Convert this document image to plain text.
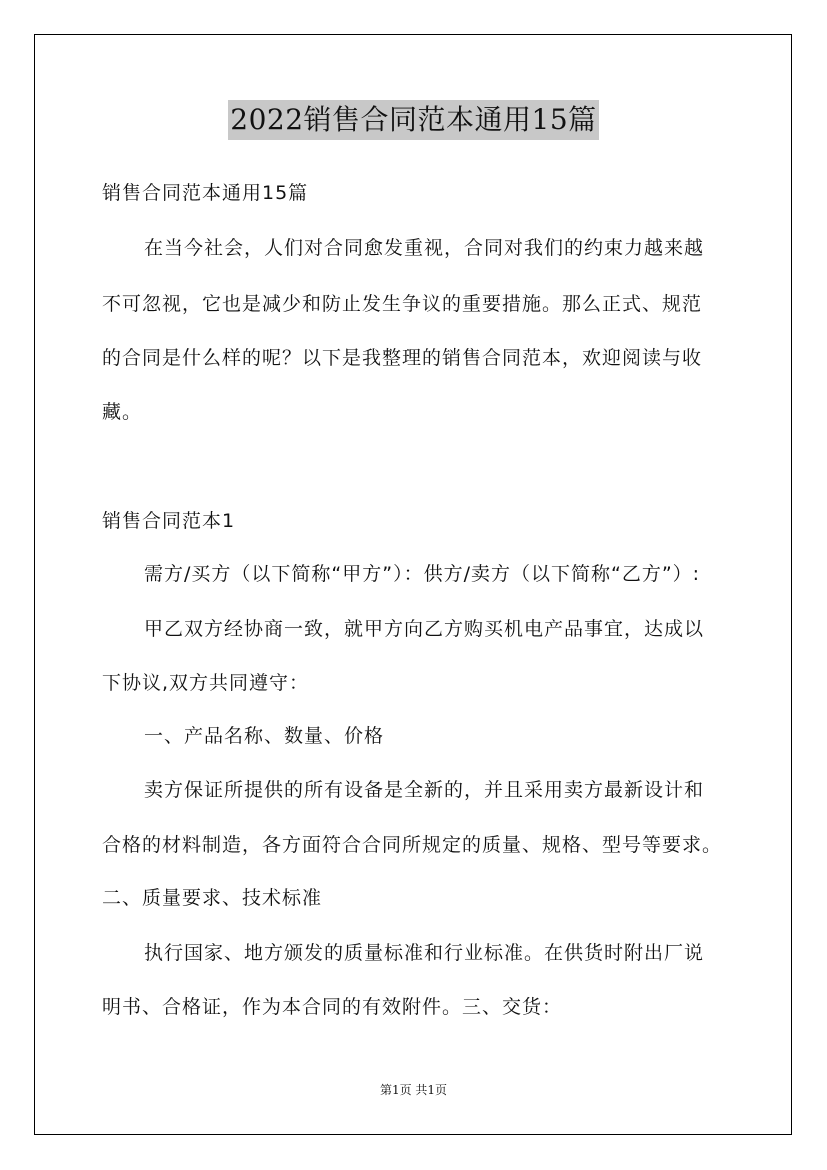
2022销售合同范本通用15篇
销售合同范本通用15篇
在当今社会，人们对合同愈发重视，合同对我们的约束力越来越
不可忽视，它也是减少和防止发生争议的重要措施。那么正式、规范
的合同是什么样的呢？以下是我整理的销售合同范本，欢迎阅读与收
藏。
销售合同范本1
需方/买方（以下简称“甲方”）：供方/卖方（以下简称“乙方”）:
甲乙双方经协商一致，就甲方向乙方购买机电产品事宜，达成以
下协议,双方共同遵守：
一、产品名称、数量、价格
卖方保证所提供的所有设备是全新的，并且采用卖方最新设计和
合格的材料制造，各方面符合合同所规定的质量、规格、型号等要求。
二、质量要求、技术标准
执行国家、地方颁发的质量标准和行业标准。在供货时附出厂说
明书、合格证，作为本合同的有效附件。三、交货：
第1页 共1页
